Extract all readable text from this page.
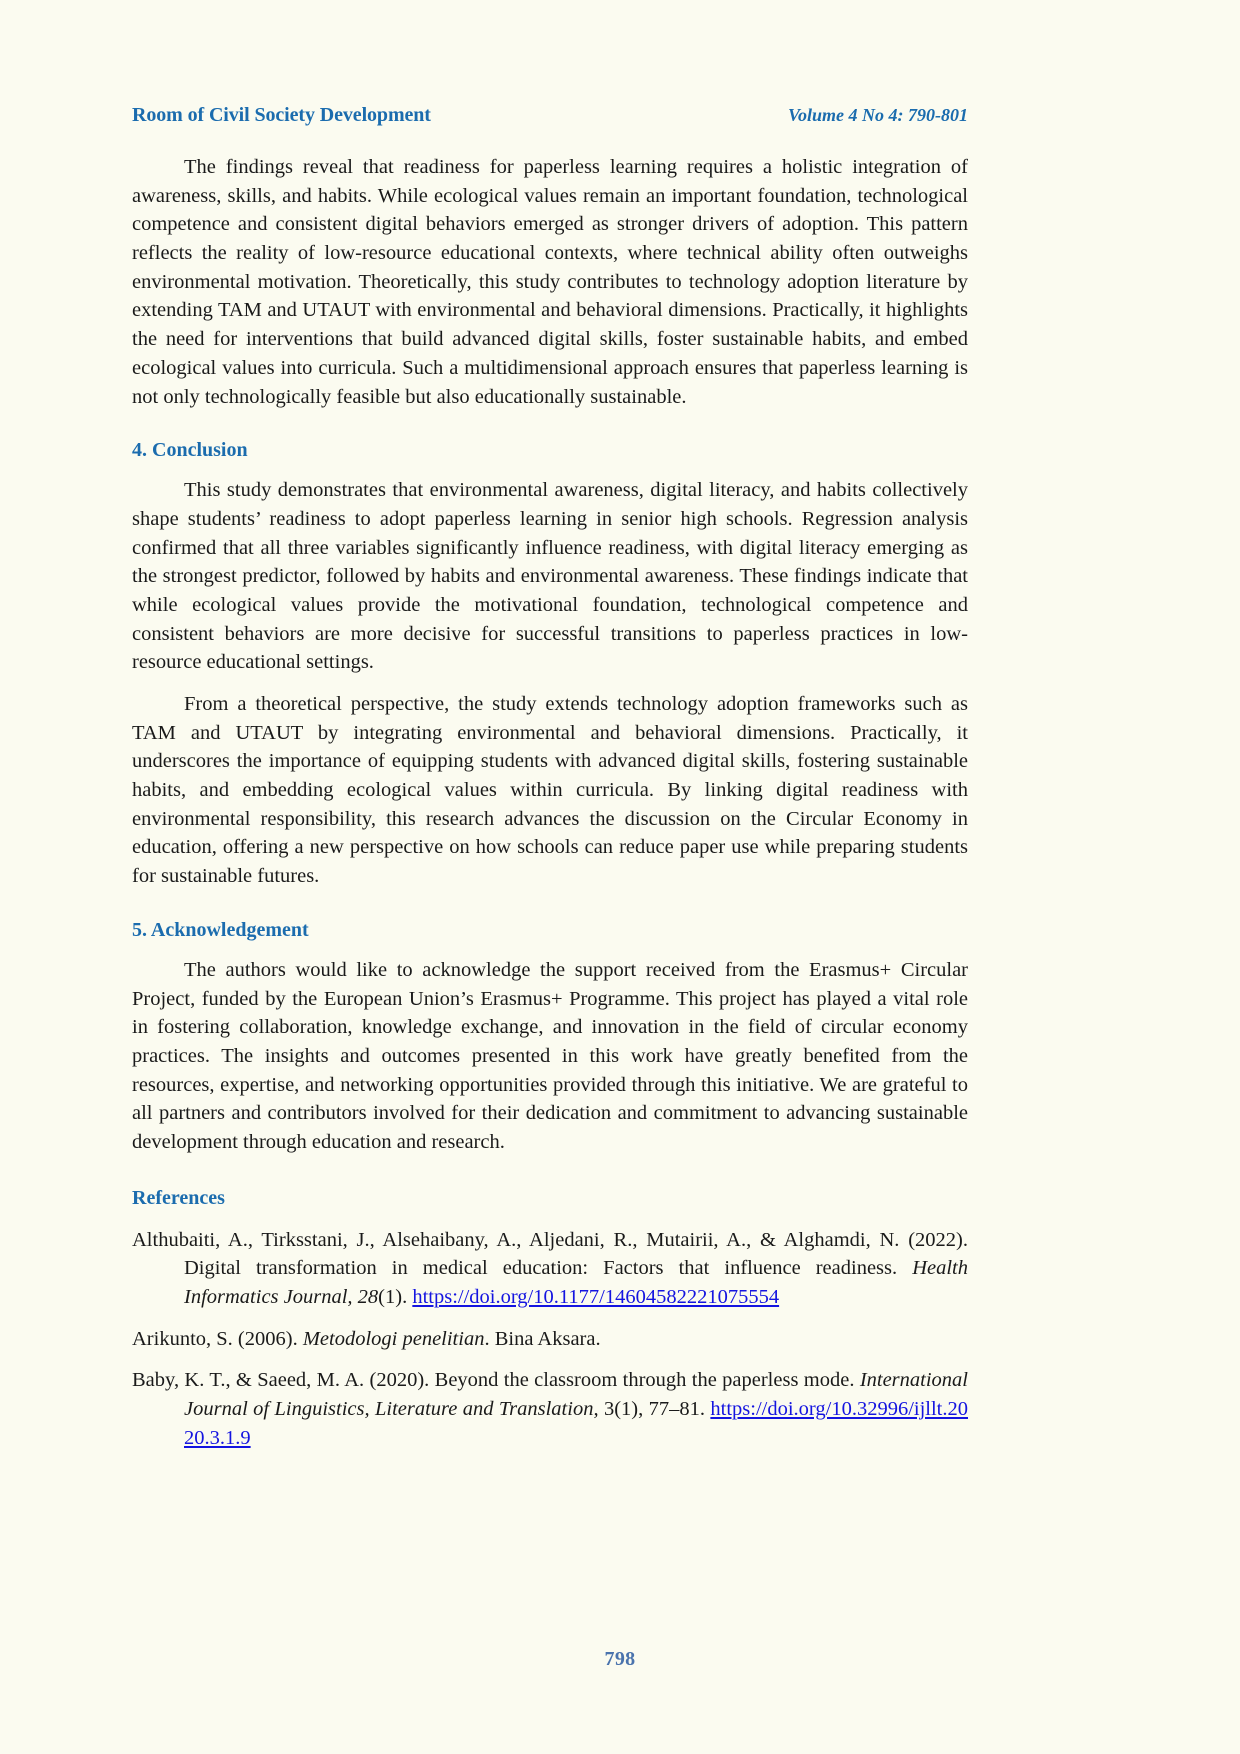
Room of Civil Society Development	Volume 4 No 4: 790-801

The findings reveal that readiness for paperless learning requires a holistic integration of awareness, skills, and habits. While ecological values remain an important foundation, technological competence and consistent digital behaviors emerged as stronger drivers of adoption. This pattern reflects the reality of low-resource educational contexts, where technical ability often outweighs environmental motivation. Theoretically, this study contributes to technology adoption literature by extending TAM and UTAUT with environmental and behavioral dimensions. Practically, it highlights the need for interventions that build advanced digital skills, foster sustainable habits, and embed ecological values into curricula. Such a multidimensional approach ensures that paperless learning is not only technologically feasible but also educationally sustainable.

4. Conclusion

This study demonstrates that environmental awareness, digital literacy, and habits collectively shape students’ readiness to adopt paperless learning in senior high schools. Regression analysis confirmed that all three variables significantly influence readiness, with digital literacy emerging as the strongest predictor, followed by habits and environmental awareness. These findings indicate that while ecological values provide the motivational foundation, technological competence and consistent behaviors are more decisive for successful transitions to paperless practices in low-resource educational settings.

From a theoretical perspective, the study extends technology adoption frameworks such as TAM and UTAUT by integrating environmental and behavioral dimensions. Practically, it underscores the importance of equipping students with advanced digital skills, fostering sustainable habits, and embedding ecological values within curricula. By linking digital readiness with environmental responsibility, this research advances the discussion on the Circular Economy in education, offering a new perspective on how schools can reduce paper use while preparing students for sustainable futures.

5. Acknowledgement

The authors would like to acknowledge the support received from the Erasmus+ Circular Project, funded by the European Union’s Erasmus+ Programme. This project has played a vital role in fostering collaboration, knowledge exchange, and innovation in the field of circular economy practices. The insights and outcomes presented in this work have greatly benefited from the resources, expertise, and networking opportunities provided through this initiative. We are grateful to all partners and contributors involved for their dedication and commitment to advancing sustainable development through education and research.

References

Althubaiti, A., Tirksstani, J., Alsehaibany, A., Aljedani, R., Mutairii, A., & Alghamdi, N. (2022). Digital transformation in medical education: Factors that influence readiness. Health Informatics Journal, 28(1). https://doi.org/10.1177/14604582221075554

Arikunto, S. (2006). Metodologi penelitian. Bina Aksara.

Baby, K. T., & Saeed, M. A. (2020). Beyond the classroom through the paperless mode. International Journal of Linguistics, Literature and Translation, 3(1), 77–81. https://doi.org/10.32996/ijllt.2020.3.1.9

798
